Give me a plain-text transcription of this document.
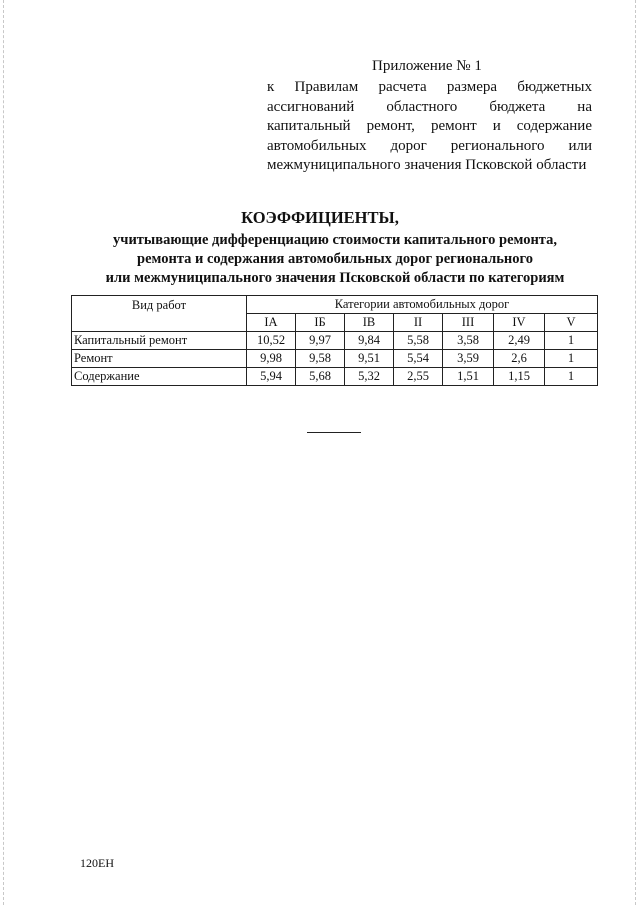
Приложение № 1
к Правилам расчета размера бюджетных ассигнований областного бюджета на капитальный ремонт, ремонт и содержание автомобильных дорог регионального или межмуниципального значения Псковской области
КОЭФФИЦИЕНТЫ,
учитывающие дифференциацию стоимости капитального ремонта,
ремонта и содержания автомобильных дорог регионального
или межмуниципального значения Псковской области по категориям
Вид работ	Категории автомобильных дорог						
	IA	IБ	IB	II	III	IV	V
Капитальный ремонт	10,52	9,97	9,84	5,58	3,58	2,49	1
Ремонт	9,98	9,58	9,51	5,54	3,59	2,6	1
Содержание	5,94	5,68	5,32	2,55	1,51	1,15	1
120EH
